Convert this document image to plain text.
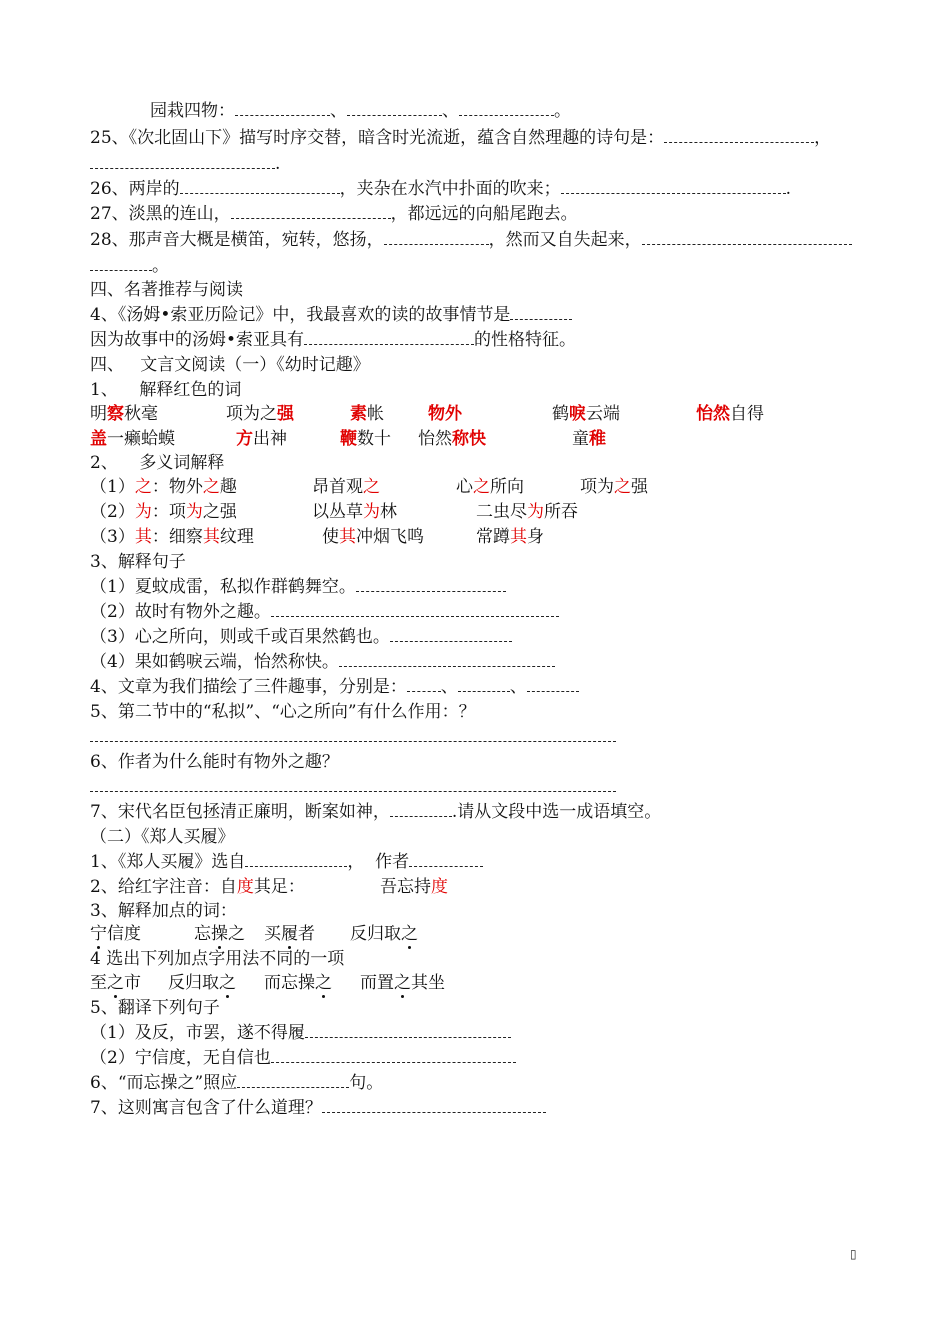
园栽四物：	、	、	。
25、《次北固山下》描写时序交替，暗含时光流逝，蕴含自然理趣的诗句是：	，
.
26、两岸的	，夹杂在水汽中扑面的吹来；	.
27、淡黑的连山，	，都远远的向船尾跑去。
28、那声音大概是横笛，宛转，悠扬，	，然而又自失起来，
。
四、名著推荐与阅读
4、《汤姆•索亚历险记》中，我最喜欢的读的故事情节是
因为故事中的汤姆•索亚具有	的性格特征。
四、   文言文阅读（一）《幼时记趣》
1、    解释红色的词
明察秋毫	项为之强	素帐	物外	鹤唳云端	怡然自得
盖一癞蛤蟆	方出神	鞭数十 怡然称快	童稚
2、    多义词解释
（1）之：物外之趣	昂首观之	心之所向	项为之强
（2）为：项为之强	以丛草为林	二虫尽为所吞
（3）其：细察其纹理	使其冲烟飞鸣	常蹲其身
3、解释句子
（1）夏蚊成雷，私拟作群鹤舞空。
（2）故时有物外之趣。
（3）心之所向，则或千或百果然鹤也。
（4）果如鹤唳云端，怡然称快。
4、文章为我们描绘了三件趣事，分别是： 、	、
5、第二节中的“私拟”、“心之所向”有什么作用：？
6、作者为什么能时有物外之趣？
7、宋代名臣包拯清正廉明，断案如神，	.请从文段中选一成语填空。
（二）《郑人买履》
1、《郑人买履》选自	，  作者
2、给红字注音：自度其足：	吾忘持度
3、解释加点的词：
宁信度	忘操之 买履者 反归取之
4 选出下列加点字用法不同的一项
至之市 反归取之 而忘操之 而置之其坐
5、翻译下列句子
（1）及反，市罢，遂不得履
（2）宁信度，无自信也
6、“而忘操之”照应	句。
7、这则寓言包含了什么道理？
▯
